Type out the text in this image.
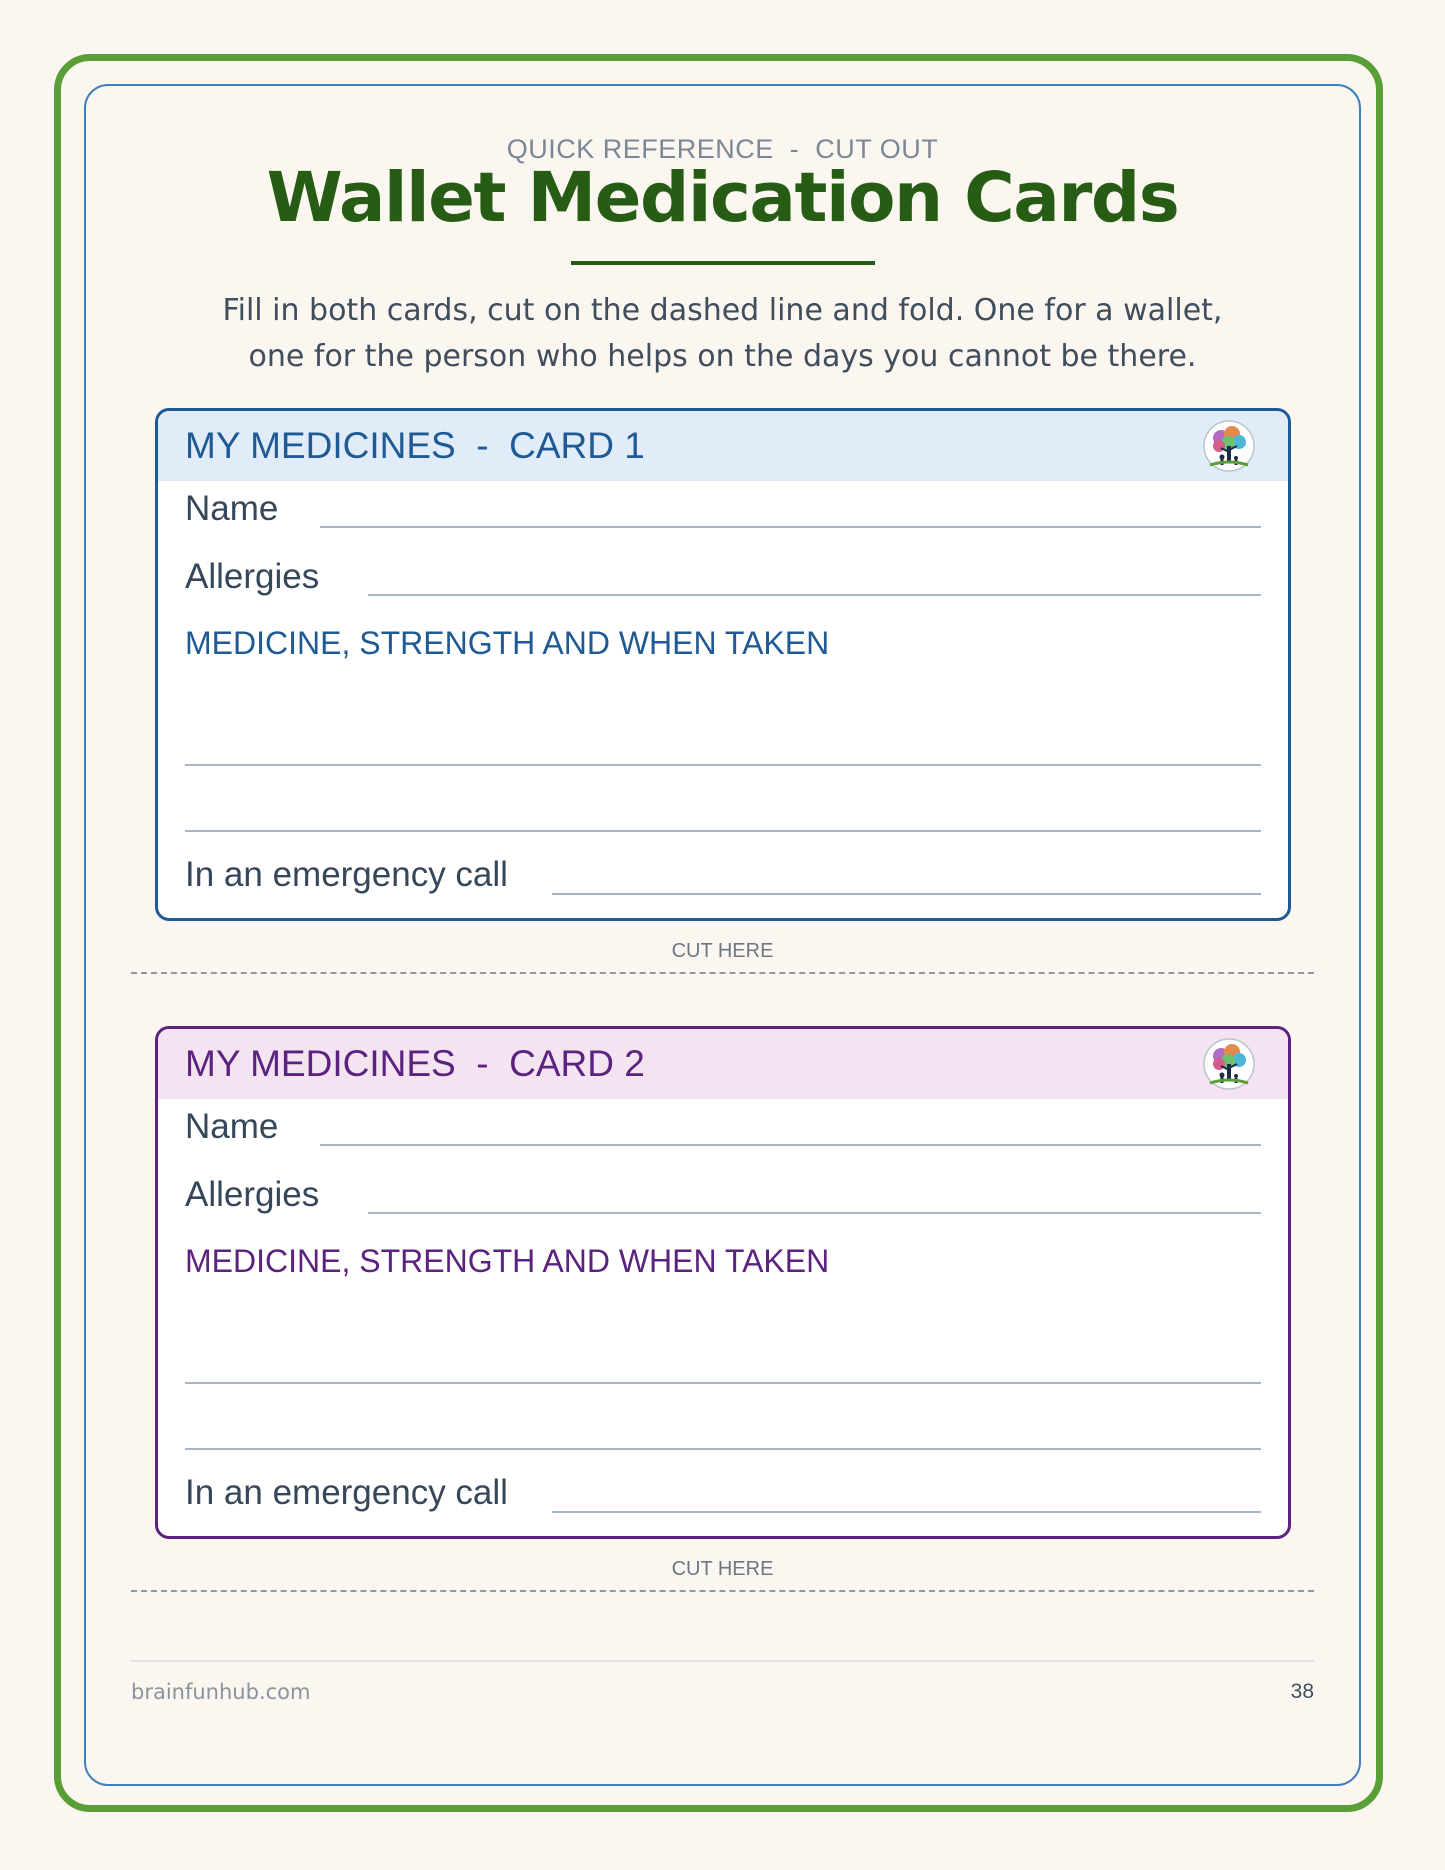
QUICK REFERENCE  -  CUT OUT
Wallet Medication Cards
Fill in both cards, cut on the dashed line and fold. One for a wallet,
one for the person who helps on the days you cannot be there.
MY MEDICINES  -  CARD 1
Name
Allergies
MEDICINE, STRENGTH AND WHEN TAKEN
In an emergency call
CUT HERE
MY MEDICINES  -  CARD 2
Name
Allergies
MEDICINE, STRENGTH AND WHEN TAKEN
In an emergency call
CUT HERE
brainfunhub.com	38
